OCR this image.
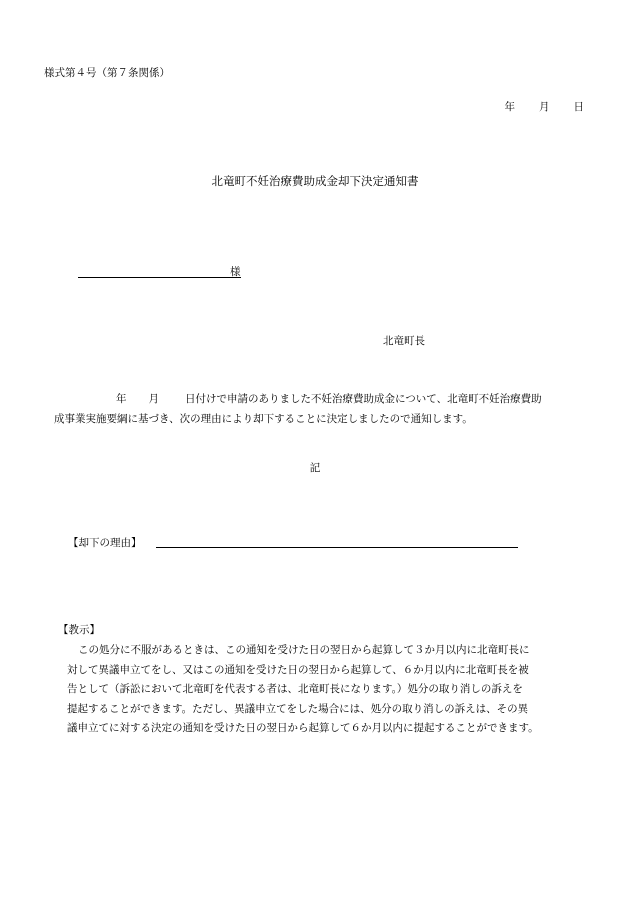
様式第４号（第７条関係）
年 月 日
北竜町不妊治療費助成金却下決定通知書
様
北竜町長
年 月 日付けで申請のありました不妊治療費助成金について、北竜町不妊治療費助
成事業実施要綱に基づき、次の理由により却下することに決定しましたので通知します。
記
【却下の理由】
【教示】
この処分に不服があるときは、この通知を受けた日の翌日から起算して３か月以内に北竜町長に
対して異議申立てをし、又はこの通知を受けた日の翌日から起算して、６か月以内に北竜町長を被
告として（訴訟において北竜町を代表する者は、北竜町長になります。）処分の取り消しの訴えを
提起することができます。ただし、異議申立てをした場合には、処分の取り消しの訴えは、その異
議申立てに対する決定の通知を受けた日の翌日から起算して６か月以内に提起することができます。
